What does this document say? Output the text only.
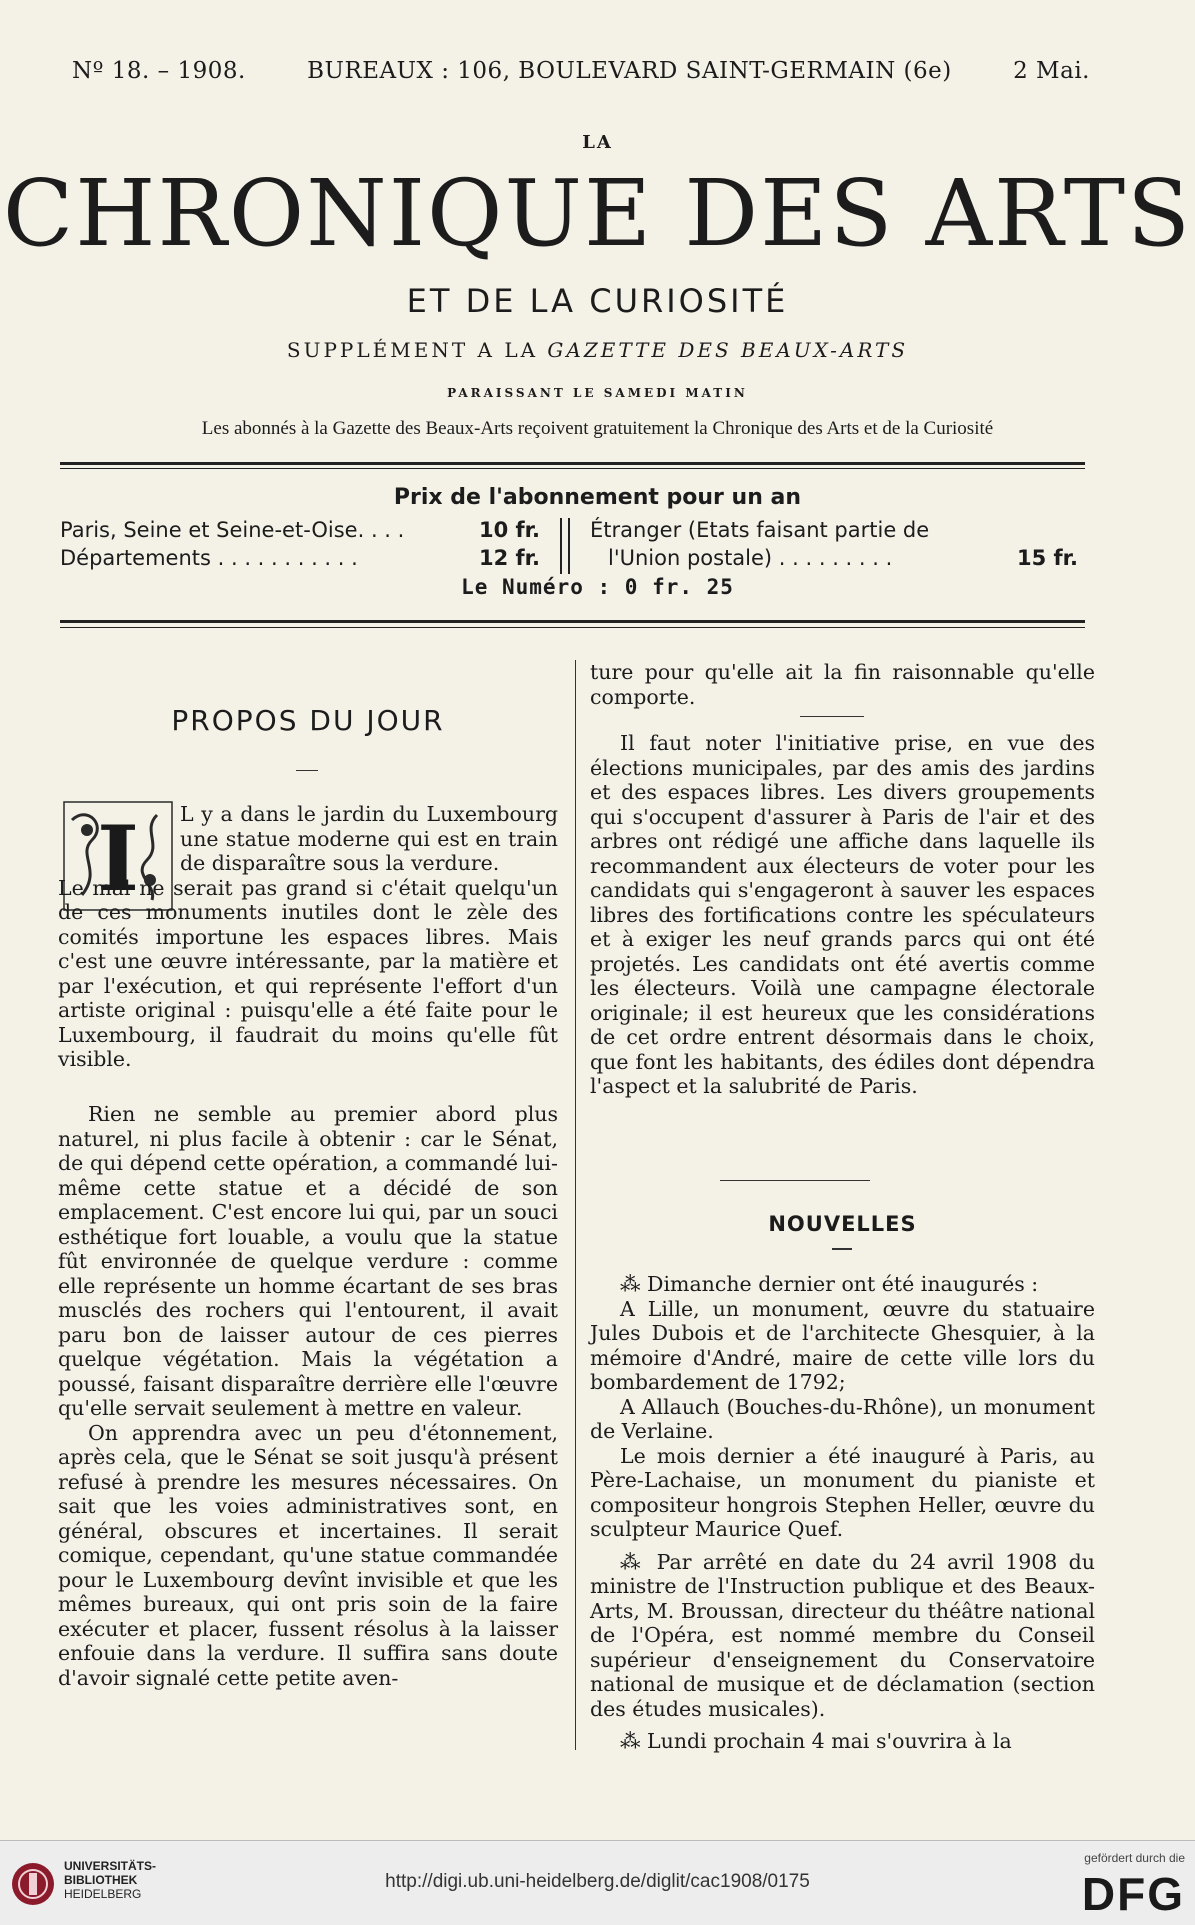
Nº 18. – 1908.	BUREAUX : 106, BOULEVARD SAINT-GERMAIN (6e)	2 Mai.
LA
CHRONIQUE DES ARTS
ET DE LA CURIOSITÉ
SUPPLÉMENT A LA GAZETTE DES BEAUX-ARTS
PARAISSANT LE SAMEDI MATIN
Les abonnés à la Gazette des Beaux-Arts reçoivent gratuitement la Chronique des Arts et de la Curiosité
Prix de l'abonnement pour un an
Paris, Seine et Seine-et-Oise. . . .	10 fr.
Départements . . . . . . . . . . .	12 fr.
Étranger (Etats faisant partie de
l'Union postale) . . . . . . . . .	15 fr.
Le Numéro : 0 fr. 25
PROPOS DU JOUR
I	L y a dans le jardin du Luxembourg une statue moderne qui est en train de disparaître sous la verdure.
Le mal ne serait pas grand si c'était quelqu'un de ces monuments inutiles dont le zèle des comités importune les espaces libres. Mais c'est une œuvre intéressante, par la matière et par l'exécution, et qui représente l'effort d'un artiste original : puisqu'elle a été faite pour le Luxembourg, il faudrait du moins qu'elle fût visible.

Rien ne semble au premier abord plus naturel, ni plus facile à obtenir : car le Sénat, de qui dépend cette opération, a commandé lui-même cette statue et a décidé de son emplacement. C'est encore lui qui, par un souci esthétique fort louable, a voulu que la statue fût environnée de quelque verdure : comme elle représente un homme écartant de ses bras musclés des rochers qui l'entourent, il avait paru bon de laisser autour de ces pierres quelque végétation. Mais la végétation a poussé, faisant disparaître derrière elle l'œuvre qu'elle servait seulement à mettre en valeur.

On apprendra avec un peu d'étonnement, après cela, que le Sénat se soit jusqu'à présent refusé à prendre les mesures nécessaires. On sait que les voies administratives sont, en général, obscures et incertaines. Il serait comique, cependant, qu'une statue commandée pour le Luxembourg devînt invisible et que les mêmes bureaux, qui ont pris soin de la faire exécuter et placer, fussent résolus à la laisser enfouie dans la verdure. Il suffira sans doute d'avoir signalé cette petite aven-

ture pour qu'elle ait la fin raisonnable qu'elle comporte.

Il faut noter l'initiative prise, en vue des élections municipales, par des amis des jardins et des espaces libres. Les divers groupements qui s'occupent d'assurer à Paris de l'air et des arbres ont rédigé une affiche dans laquelle ils recommandent aux électeurs de voter pour les candidats qui s'engageront à sauver les espaces libres des fortifications contre les spéculateurs et à exiger les neuf grands parcs qui ont été projetés. Les candidats ont été avertis comme les électeurs. Voilà une campagne électorale originale; il est heureux que les considérations de cet ordre entrent désormais dans le choix, que font les habitants, des édiles dont dépendra l'aspect et la salubrité de Paris.

NOUVELLES

⁂ Dimanche dernier ont été inaugurés :

A Lille, un monument, œuvre du statuaire Jules Dubois et de l'architecte Ghesquier, à la mémoire d'André, maire de cette ville lors du bombardement de 1792;

A Allauch (Bouches-du-Rhône), un monument de Verlaine.

Le mois dernier a été inauguré à Paris, au Père-Lachaise, un monument du pianiste et compositeur hongrois Stephen Heller, œuvre du sculpteur Maurice Quef.

⁂ Par arrêté en date du 24 avril 1908 du ministre de l'Instruction publique et des Beaux-Arts, M. Broussan, directeur du théâtre national de l'Opéra, est nommé membre du Conseil supérieur d'enseignement du Conservatoire national de musique et de déclamation (section des études musicales).

⁂ Lundi prochain 4 mai s'ouvrira à la

UNIVERSITÄTS-
BIBLIOTHEK
HEIDELBERG
http://digi.ub.uni-heidelberg.de/diglit/cac1908/0175
gefördert durch die
DFG
